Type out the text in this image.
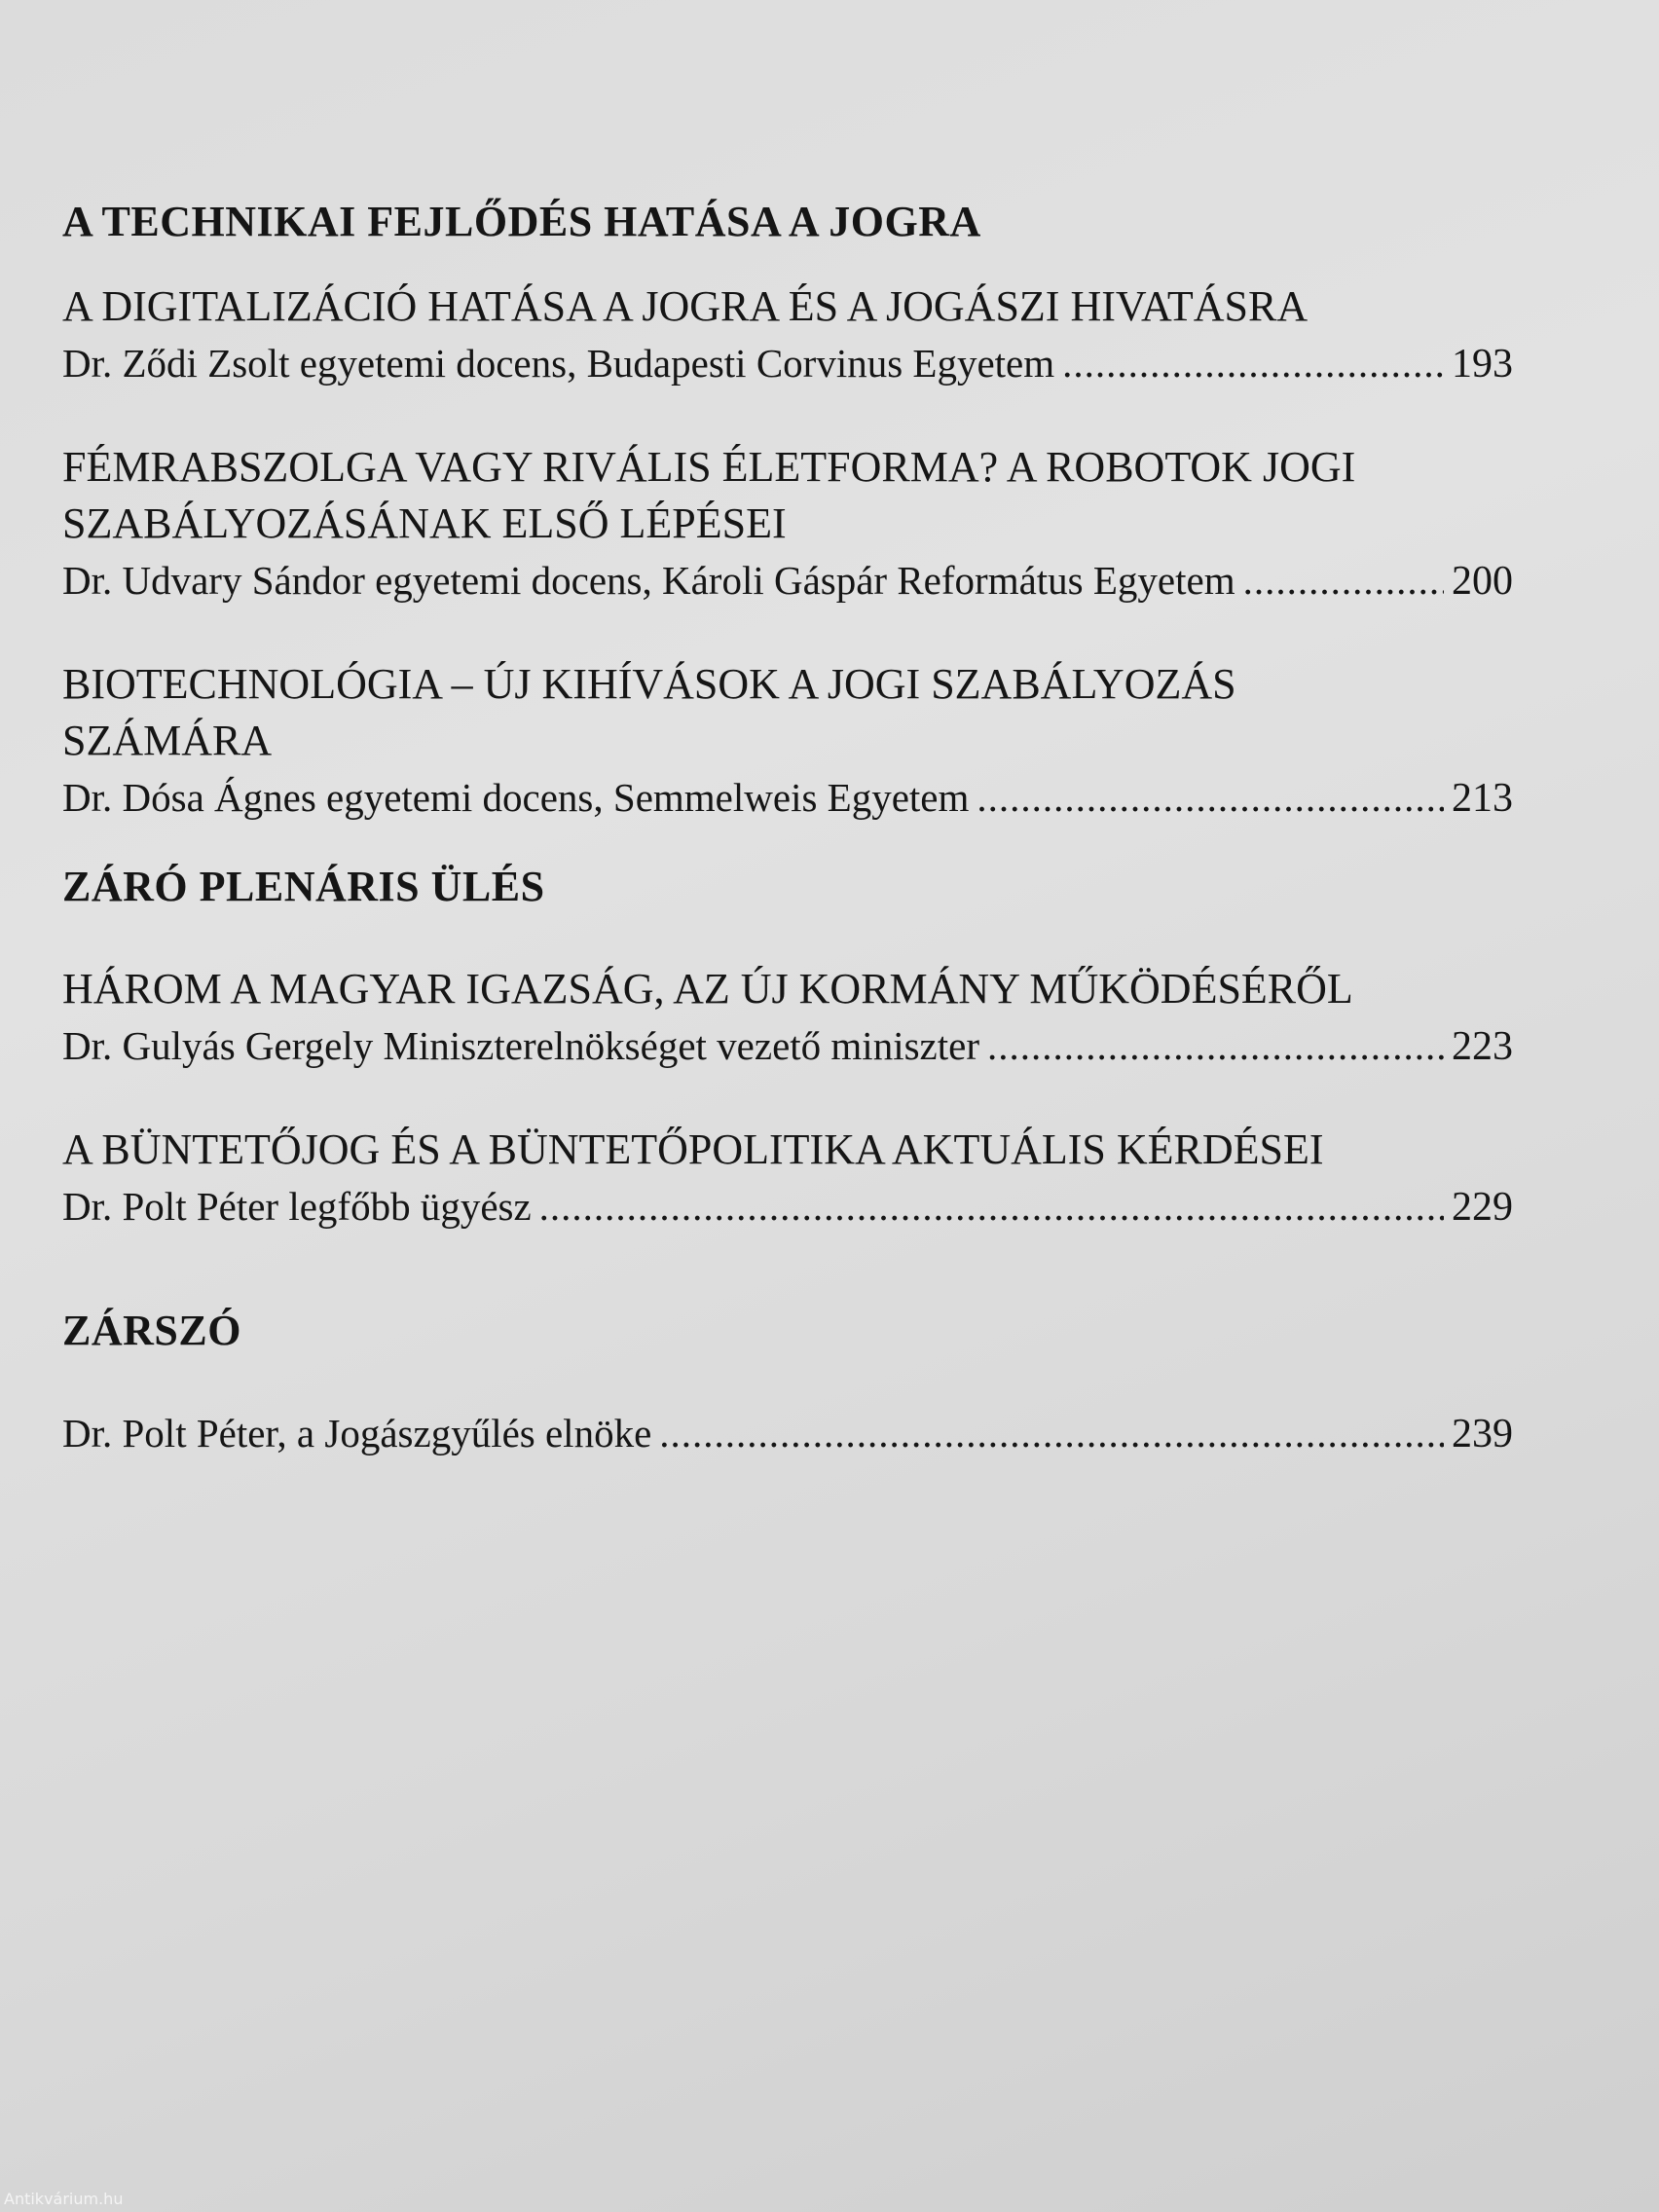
A TECHNIKAI FEJLŐDÉS HATÁSA A JOGRA

A DIGITALIZÁCIÓ HATÁSA A JOGRA ÉS A JOGÁSZI HIVATÁSRA

Dr. Ződi Zsolt egyetemi docens, Budapesti Corvinus Egyetem .....	193

FÉMRABSZOLGA VAGY RIVÁLIS ÉLETFORMA? A ROBOTOK JOGI

SZABÁLYOZÁSÁNAK ELSŐ LÉPÉSEI

Dr. Udvary Sándor egyetemi docens, Károli Gáspár Református Egyetem .....	200

BIOTECHNOLÓGIA – ÚJ KIHÍVÁSOK A JOGI SZABÁLYOZÁS

SZÁMÁRA

Dr. Dósa Ágnes egyetemi docens, Semmelweis Egyetem .....	213
ZÁRÓ PLENÁRIS ÜLÉS

HÁROM A MAGYAR IGAZSÁG, AZ ÚJ KORMÁNY MŰKÖDÉSÉRŐL

Dr. Gulyás Gergely Miniszterelnökséget vezető miniszter .....	223

A BÜNTETŐJOG ÉS A BÜNTETŐPOLITIKA AKTUÁLIS KÉRDÉSEI

Dr. Polt Péter legfőbb ügyész .....	229
ZÁRSZÓ
Dr. Polt Péter, a Jogászgyűlés elnöke .....	239
Antikvárium.hu
